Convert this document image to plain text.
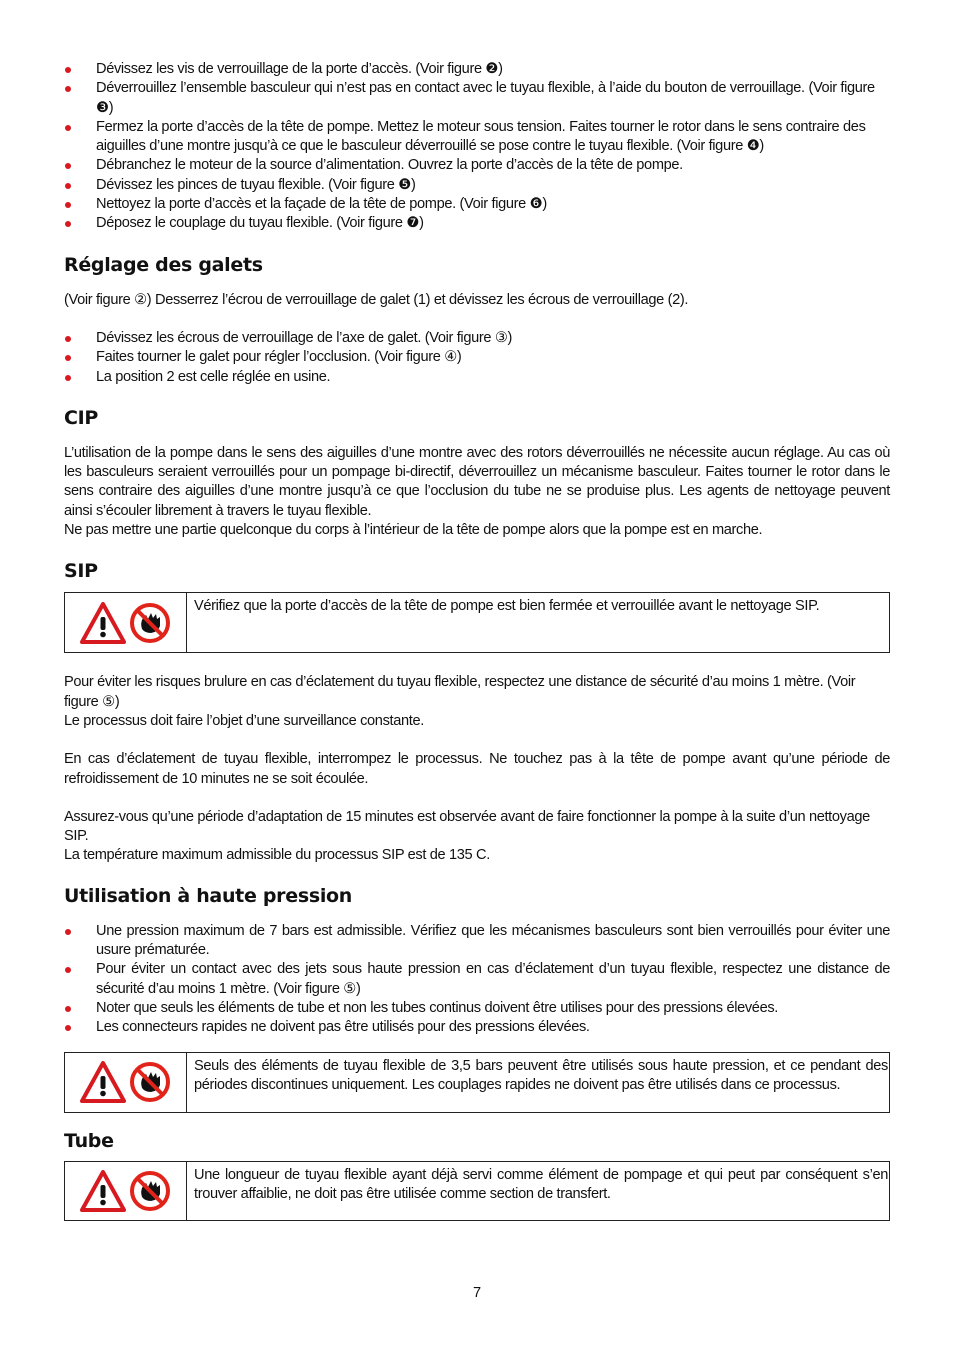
Dévissez les vis de verrouillage de la porte d’accès. (Voir figure ❷)
Déverrouillez l’ensemble basculeur qui n’est pas en contact avec le tuyau flexible, à l’aide du bouton de verrouillage. (Voir figure ❸)
Fermez la porte d’accès de la tête de pompe. Mettez le moteur sous tension. Faites tourner le rotor dans le sens contraire des aiguilles d’une montre jusqu’à ce que le basculeur déverrouillé se pose contre le tuyau flexible. (Voir figure ❹)
Débranchez le moteur de la source d’alimentation. Ouvrez la porte d’accès de la tête de pompe.
Dévissez les pinces de tuyau flexible. (Voir figure ❺)
Nettoyez la porte d’accès et la façade de la tête de pompe. (Voir figure ❻)
Déposez le couplage du tuyau flexible. (Voir figure ❼)
Réglage des galets

(Voir figure ②) Desserrez l’écrou de verrouillage de galet (1) et dévissez les écrous de verrouillage (2).

Dévissez les écrous de verrouillage de l’axe de galet. (Voir figure ③)
Faites tourner le galet pour régler l’occlusion. (Voir figure ④)
La position 2 est celle réglée en usine.
CIP

L’utilisation de la pompe dans le sens des aiguilles d’une montre avec des rotors déverrouillés ne nécessite aucun réglage. Au cas où les basculeurs seraient verrouillés pour un pompage bi-directif, déverrouillez un mécanisme basculeur. Faites tourner le rotor dans le sens contraire des aiguilles d’une montre jusqu’à ce que l’occlusion du tube ne se produise plus. Les agents de nettoyage peuvent ainsi s’écouler librement à travers le tuyau flexible.

Ne pas mettre une partie quelconque du corps à l’intérieur de la tête de pompe alors que la pompe est en marche.

SIP
Vérifiez que la porte d’accès de la tête de pompe est bien fermée et verrouillée avant le nettoyage SIP.

Pour éviter les risques brulure en cas d’éclatement du tuyau flexible, respectez une distance de sécurité d’au moins 1 mètre. (Voir figure ⑤)

Le processus doit faire l’objet d’une surveillance constante.

En cas d’éclatement de tuyau flexible, interrompez le processus. Ne touchez pas à la tête de pompe avant qu’une période de refroidissement de 10 minutes ne se soit écoulée.

Assurez-vous qu’une période d’adaptation de 15 minutes est observée avant de faire fonctionner la pompe à la suite d’un nettoyage SIP.

La température maximum admissible du processus SIP est de 135 C.

Utilisation à haute pression
Une pression maximum de 7 bars est admissible. Vérifiez que les mécanismes basculeurs sont bien verrouillés pour éviter une usure prématurée.
Pour éviter un contact avec des jets sous haute pression en cas d’éclatement d’un tuyau flexible, respectez une distance de sécurité d’au moins 1 mètre. (Voir figure ⑤)
Noter que seuls les éléments de tube et non les tubes continus doivent être utilises pour des pressions élevées.
Les connecteurs rapides ne doivent pas être utilisés pour des pressions élevées.
Seuls des éléments de tuyau flexible de 3,5 bars peuvent être utilisés sous haute pression, et ce pendant des périodes discontinues uniquement. Les couplages rapides ne doivent pas être utilisés dans ce processus.
Tube
Une longueur de tuyau flexible ayant déjà servi comme élément de pompage et qui peut par conséquent s’en trouver affaiblie, ne doit pas être utilisée comme section de transfert.
7
